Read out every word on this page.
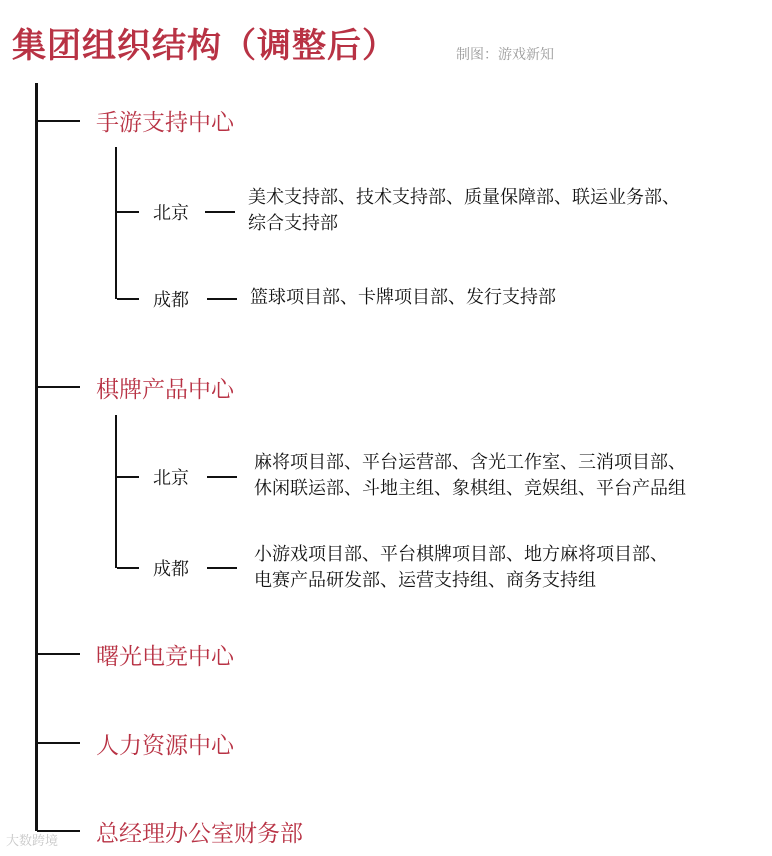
集团组织结构（调整后）	制图：游戏新知
手游支持中心
北京
美术支持部、技术支持部、质量保障部、联运业务部、
综合支持部
成都	篮球项目部、卡牌项目部、发行支持部
棋牌产品中心
北京
麻将项目部、平台运营部、含光工作室、三消项目部、
休闲联运部、斗地主组、象棋组、竞娱组、平台产品组
成都
小游戏项目部、平台棋牌项目部、地方麻将项目部、
电赛产品研发部、运营支持组、商务支持组
曙光电竞中心
人力资源中心
总经理办公室财务部
大数跨境
